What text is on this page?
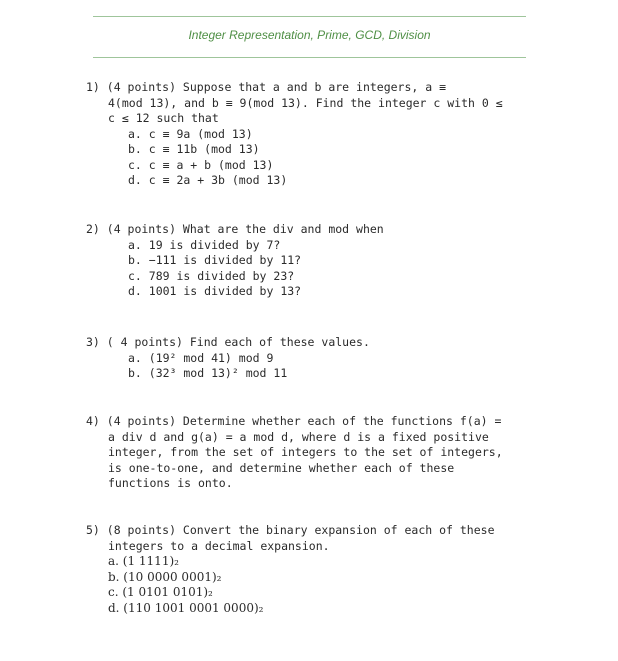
Integer Representation, Prime, GCD, Division
1) (4 points) Suppose that a and b are integers, a ≡
4(mod 13), and b ≡ 9(mod 13). Find the integer c with 0 ≤
c ≤ 12 such that
a. c ≡ 9a (mod 13)
b. c ≡ 11b (mod 13)
c. c ≡ a + b (mod 13)
d. c ≡ 2a + 3b (mod 13)
2) (4 points) What are the div and mod when
a. 19 is divided by 7?
b. −111 is divided by 11?
c. 789 is divided by 23?
d. 1001 is divided by 13?
3) ( 4 points) Find each of these values.
a. (19² mod 41) mod 9
b. (32³ mod 13)² mod 11
4) (4 points) Determine whether each of the functions f(a) =
a div d and g(a) = a mod d, where d is a fixed positive
integer, from the set of integers to the set of integers,
is one-to-one, and determine whether each of these
functions is onto.
5) (8 points) Convert the binary expansion of each of these
integers to a decimal expansion.
a. (1 1111)₂
b. (10 0000 0001)₂
c. (1 0101 0101)₂
d. (110 1001 0001 0000)₂
